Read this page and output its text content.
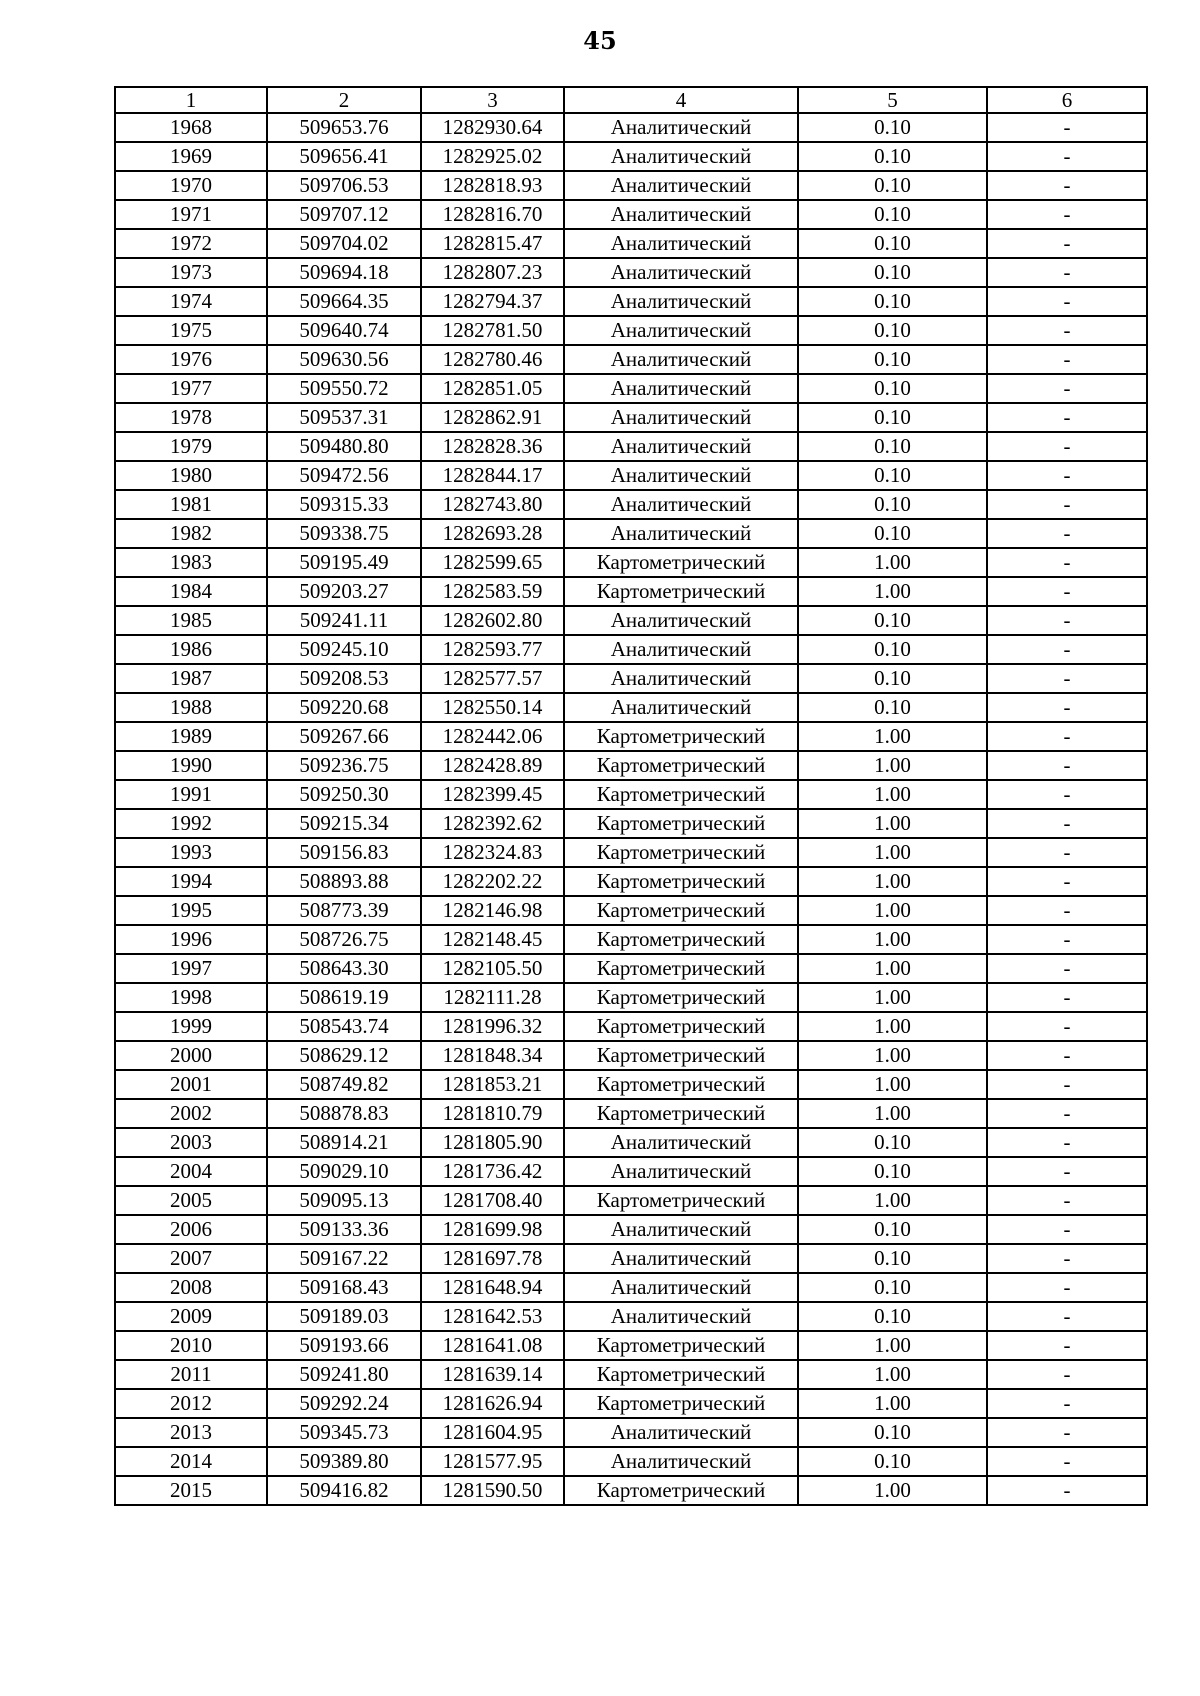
45
1	2	3	4	5	6
1968	509653.76	1282930.64	Аналитический	0.10	-
1969	509656.41	1282925.02	Аналитический	0.10	-
1970	509706.53	1282818.93	Аналитический	0.10	-
1971	509707.12	1282816.70	Аналитический	0.10	-
1972	509704.02	1282815.47	Аналитический	0.10	-
1973	509694.18	1282807.23	Аналитический	0.10	-
1974	509664.35	1282794.37	Аналитический	0.10	-
1975	509640.74	1282781.50	Аналитический	0.10	-
1976	509630.56	1282780.46	Аналитический	0.10	-
1977	509550.72	1282851.05	Аналитический	0.10	-
1978	509537.31	1282862.91	Аналитический	0.10	-
1979	509480.80	1282828.36	Аналитический	0.10	-
1980	509472.56	1282844.17	Аналитический	0.10	-
1981	509315.33	1282743.80	Аналитический	0.10	-
1982	509338.75	1282693.28	Аналитический	0.10	-
1983	509195.49	1282599.65	Картометрический	1.00	-
1984	509203.27	1282583.59	Картометрический	1.00	-
1985	509241.11	1282602.80	Аналитический	0.10	-
1986	509245.10	1282593.77	Аналитический	0.10	-
1987	509208.53	1282577.57	Аналитический	0.10	-
1988	509220.68	1282550.14	Аналитический	0.10	-
1989	509267.66	1282442.06	Картометрический	1.00	-
1990	509236.75	1282428.89	Картометрический	1.00	-
1991	509250.30	1282399.45	Картометрический	1.00	-
1992	509215.34	1282392.62	Картометрический	1.00	-
1993	509156.83	1282324.83	Картометрический	1.00	-
1994	508893.88	1282202.22	Картометрический	1.00	-
1995	508773.39	1282146.98	Картометрический	1.00	-
1996	508726.75	1282148.45	Картометрический	1.00	-
1997	508643.30	1282105.50	Картометрический	1.00	-
1998	508619.19	1282111.28	Картометрический	1.00	-
1999	508543.74	1281996.32	Картометрический	1.00	-
2000	508629.12	1281848.34	Картометрический	1.00	-
2001	508749.82	1281853.21	Картометрический	1.00	-
2002	508878.83	1281810.79	Картометрический	1.00	-
2003	508914.21	1281805.90	Аналитический	0.10	-
2004	509029.10	1281736.42	Аналитический	0.10	-
2005	509095.13	1281708.40	Картометрический	1.00	-
2006	509133.36	1281699.98	Аналитический	0.10	-
2007	509167.22	1281697.78	Аналитический	0.10	-
2008	509168.43	1281648.94	Аналитический	0.10	-
2009	509189.03	1281642.53	Аналитический	0.10	-
2010	509193.66	1281641.08	Картометрический	1.00	-
2011	509241.80	1281639.14	Картометрический	1.00	-
2012	509292.24	1281626.94	Картометрический	1.00	-
2013	509345.73	1281604.95	Аналитический	0.10	-
2014	509389.80	1281577.95	Аналитический	0.10	-
2015	509416.82	1281590.50	Картометрический	1.00	-
